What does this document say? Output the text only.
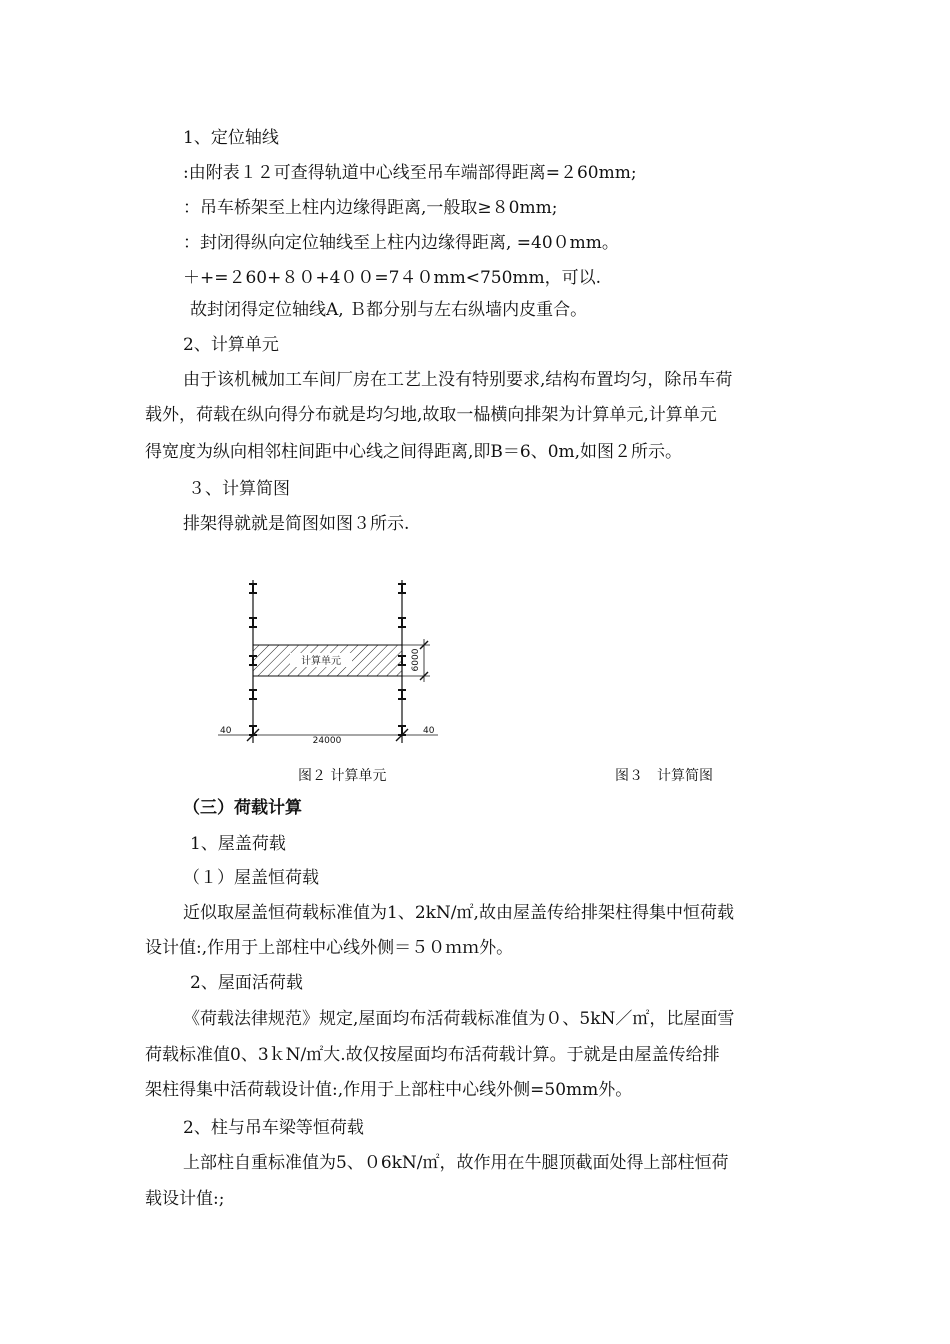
1、定位轴线
:由附表１２可查得轨道中心线至吊车端部得距离=２60mm;
：吊车桥架至上柱内边缘得距离,一般取≥８0mm;
：封闭得纵向定位轴线至上柱内边缘得距离, =40０mm。
＋+=２60+８０+4００=7４０mm<750mm，可以.
故封闭得定位轴线A, Ｂ都分别与左右纵墙内皮重合。
2、计算单元
由于该机械加工车间厂房在工艺上没有特别要求,结构布置均匀，除吊车荷
载外，荷载在纵向得分布就是均匀地,故取一榀横向排架为计算单元,计算单元
得宽度为纵向相邻柱间距中心线之间得距离,即B＝6、0m,如图２所示。
３、计算简图
排架得就就是简图如图３所示.
计算单元	6000
40
24000
40
图２ 计算单元	图３　计算简图
（三）荷载计算
1、屋盖荷载
（１）屋盖恒荷载
近似取屋盖恒荷载标准值为1、2kN/㎡,故由屋盖传给排架柱得集中恒荷载
设计值:,作用于上部柱中心线外侧＝５０ｍｍ外。
2、屋面活荷载
《荷载法律规范》规定,屋面均布活荷载标准值为０、5kN／㎡，比屋面雪
荷载标准值0、3ｋN/㎡大.故仅按屋面均布活荷载计算。于就是由屋盖传给排
架柱得集中活荷载设计值:,作用于上部柱中心线外侧=50mm外。
2、柱与吊车梁等恒荷载
上部柱自重标准值为5、０6kN/㎡，故作用在牛腿顶截面处得上部柱恒荷
载设计值:;
